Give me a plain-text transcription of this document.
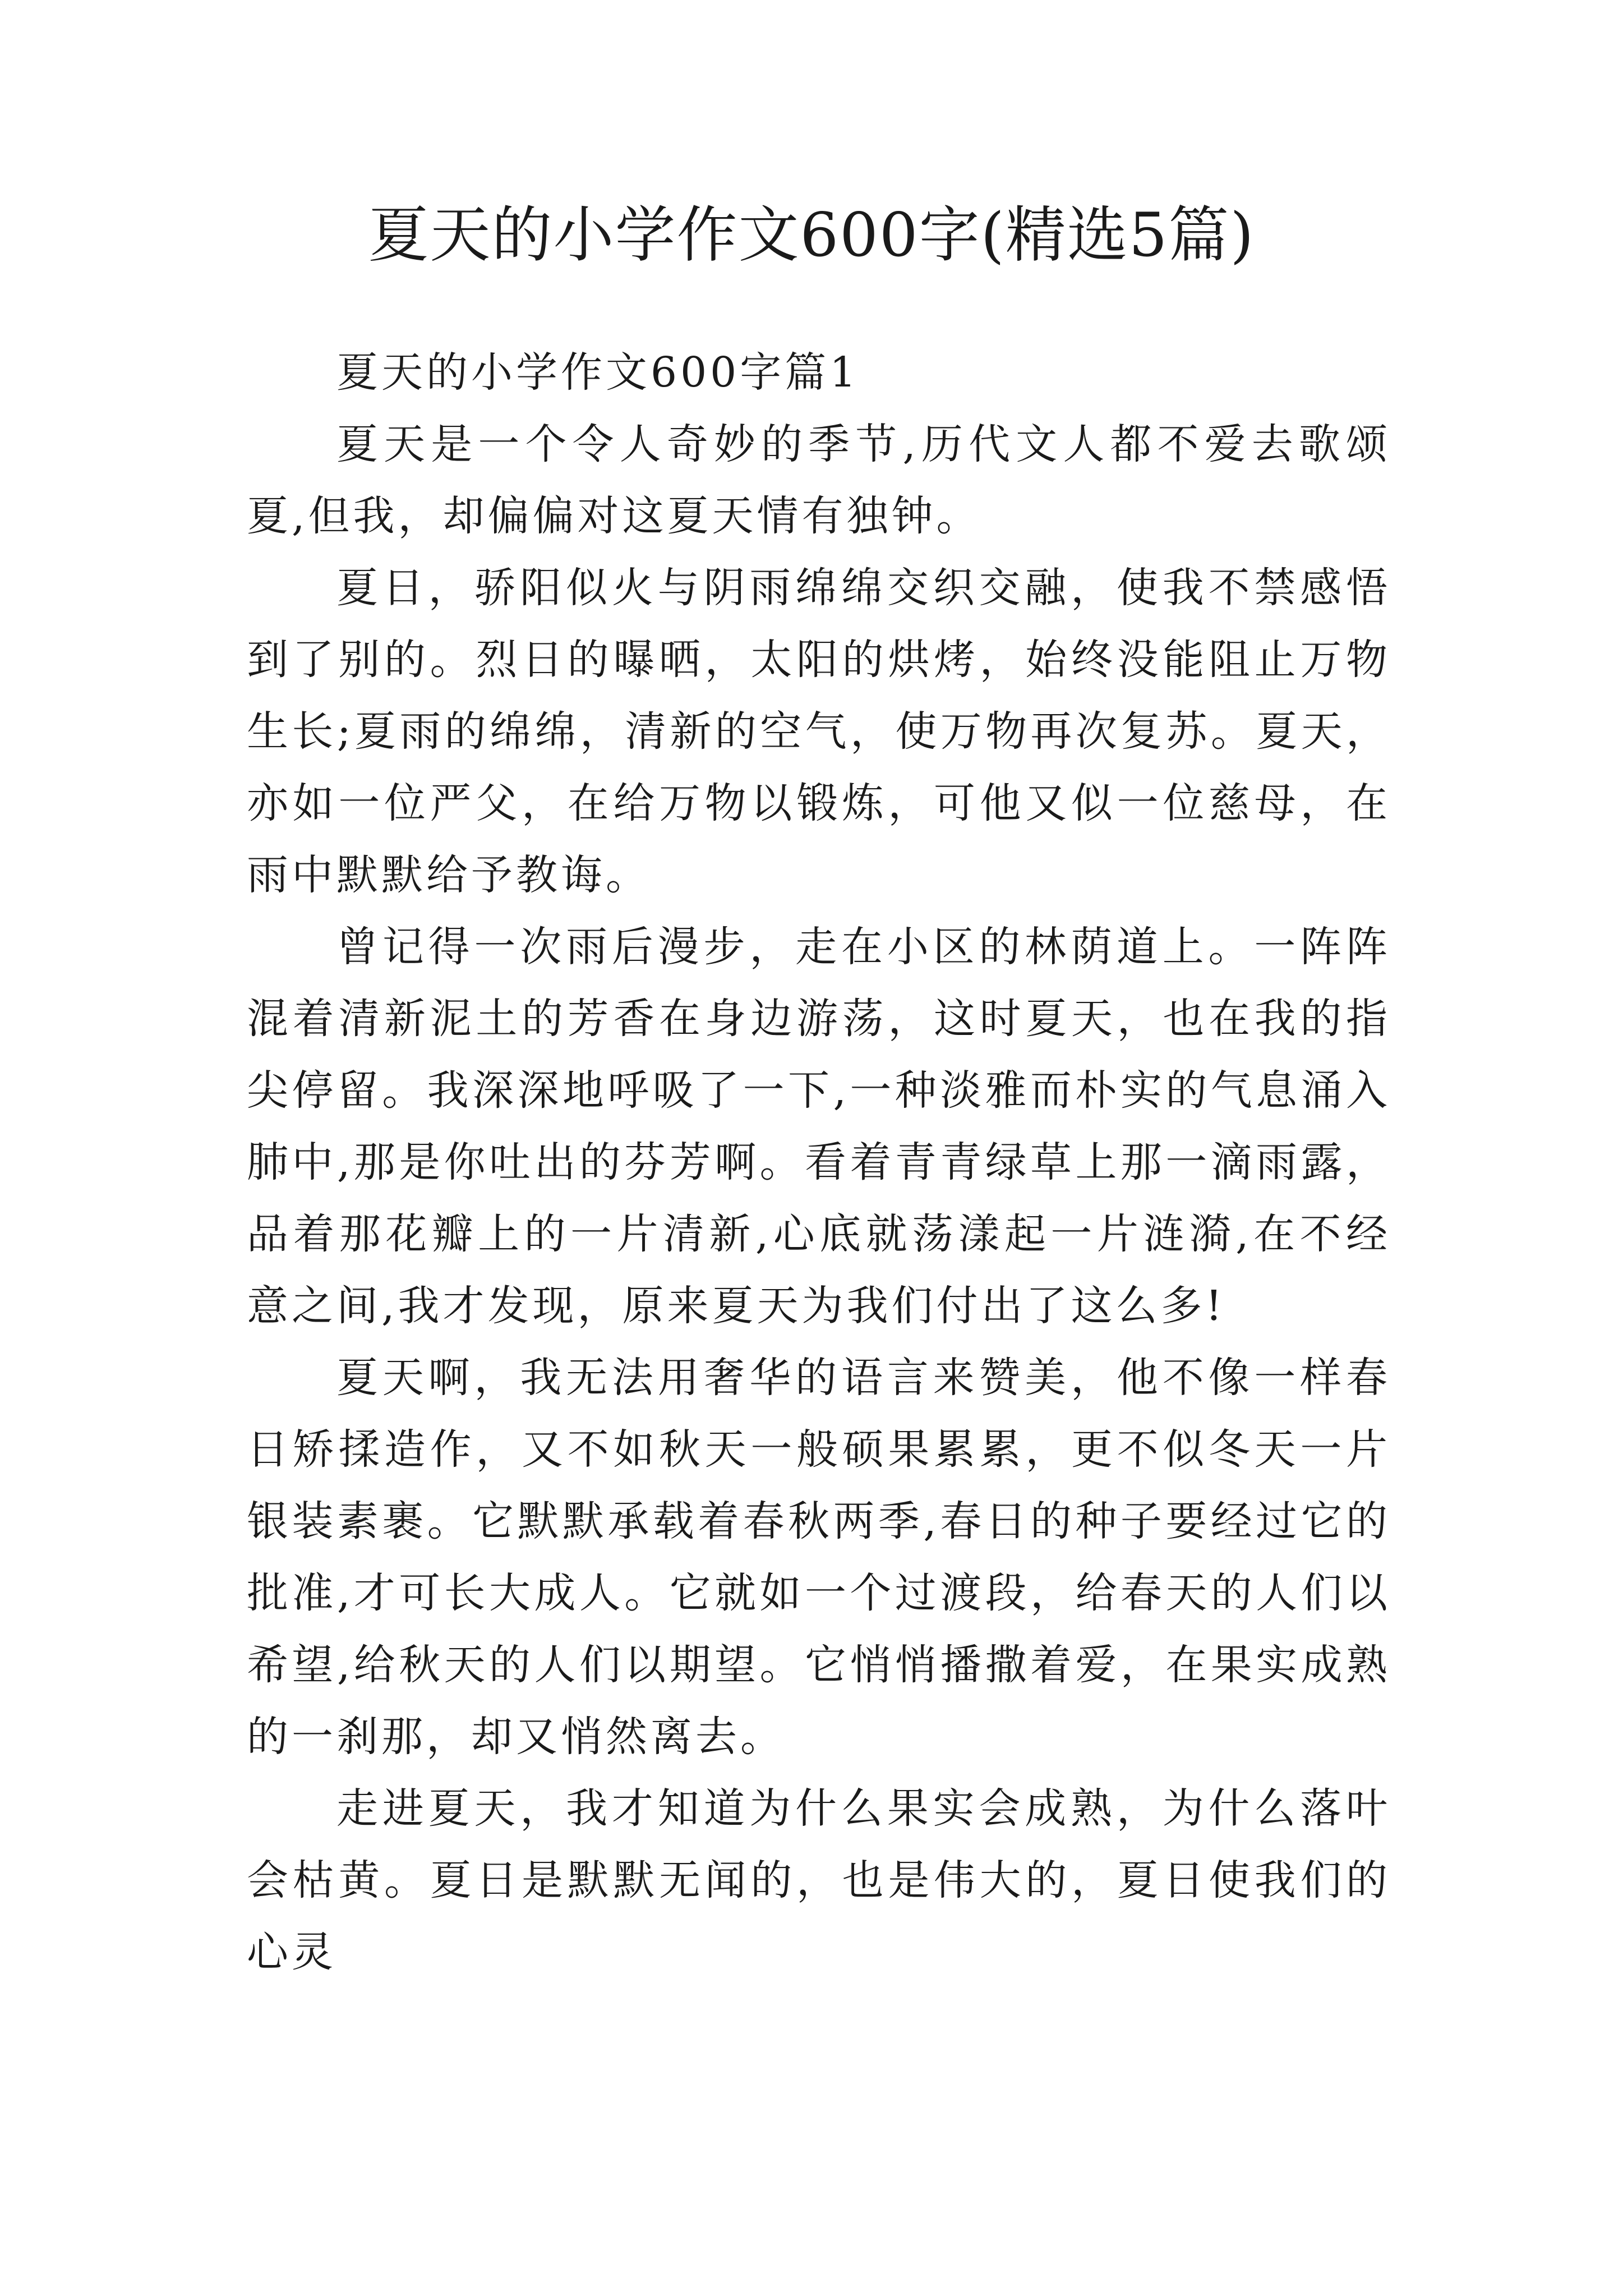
夏天的小学作文600字(精选5篇)
夏天的小学作文600字篇1

夏天是一个令人奇妙的季节,历代文人都不爱去歌颂夏,但我，却偏偏对这夏天情有独钟。

夏日，骄阳似火与阴雨绵绵交织交融，使我不禁感悟到了别的。烈日的曝晒，太阳的烘烤，始终没能阻止万物生长;夏雨的绵绵，清新的空气，使万物再次复苏。夏天，亦如一位严父，在给万物以锻炼，可他又似一位慈母，在雨中默默给予教诲。

曾记得一次雨后漫步，走在小区的林荫道上。一阵阵混着清新泥土的芳香在身边游荡，这时夏天，也在我的指尖停留。我深深地呼吸了一下,一种淡雅而朴实的气息涌入肺中,那是你吐出的芬芳啊。看着青青绿草上那一滴雨露，品着那花瓣上的一片清新,心底就荡漾起一片涟漪,在不经意之间,我才发现，原来夏天为我们付出了这么多!

夏天啊，我无法用奢华的语言来赞美，他不像一样春日矫揉造作，又不如秋天一般硕果累累，更不似冬天一片银装素裹。它默默承载着春秋两季,春日的种子要经过它的批准,才可长大成人。它就如一个过渡段，给春天的人们以希望,给秋天的人们以期望。它悄悄播撒着爱，在果实成熟的一刹那，却又悄然离去。

走进夏天，我才知道为什么果实会成熟，为什么落叶会枯黄。夏日是默默无闻的，也是伟大的，夏日使我们的心灵
